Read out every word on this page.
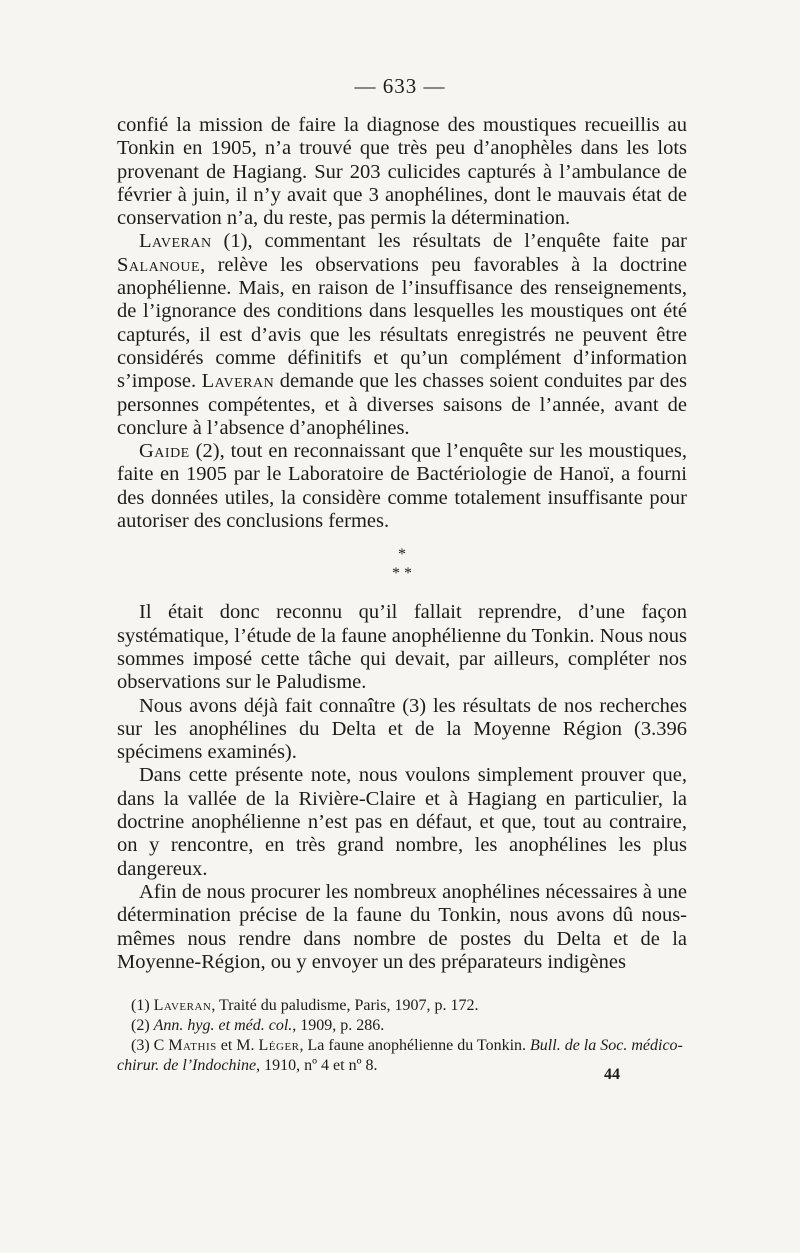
— 633 —

confié la mission de faire la diagnose des moustiques recueillis au Tonkin en 1905, n’a trouvé que très peu d’anophèles dans les lots provenant de Hagiang. Sur 203 culicides capturés à l’ambulance de février à juin, il n’y avait que 3 anophélines, dont le mauvais état de conservation n’a, du reste, pas permis la détermination.

Laveran (1), commentant les résultats de l’enquête faite par Salanoue, relève les observations peu favorables à la doctrine anophélienne. Mais, en raison de l’insuffisance des renseignements, de l’ignorance des conditions dans lesquelles les moustiques ont été capturés, il est d’avis que les résultats enregistrés ne peuvent être considérés comme définitifs et qu’un complément d’information s’impose. Laveran demande que les chasses soient conduites par des personnes compétentes, et à diverses saisons de l’année, avant de conclure à l’absence d’anophélines.

Gaide (2), tout en reconnaissant que l’enquête sur les moustiques, faite en 1905 par le Laboratoire de Bactériologie de Hanoï, a fourni des données utiles, la considère comme totalement insuffisante pour autoriser des conclusions fermes.

*
* *

Il était donc reconnu qu’il fallait reprendre, d’une façon systématique, l’étude de la faune anophélienne du Tonkin. Nous nous sommes imposé cette tâche qui devait, par ailleurs, compléter nos observations sur le Paludisme.

Nous avons déjà fait connaître (3) les résultats de nos recherches sur les anophélines du Delta et de la Moyenne Région (3.396 spécimens examinés).

Dans cette présente note, nous voulons simplement prouver que, dans la vallée de la Rivière-Claire et à Hagiang en particulier, la doctrine anophélienne n’est pas en défaut, et que, tout au contraire, on y rencontre, en très grand nombre, les anophélines les plus dangereux.

Afin de nous procurer les nombreux anophélines nécessaires à une détermination précise de la faune du Tonkin, nous avons dû nous-mêmes nous rendre dans nombre de postes du Delta et de la Moyenne-Région, ou y envoyer un des préparateurs indigènes

(1) Laveran, Traité du paludisme, Paris, 1907, p. 172.

(2) Ann. hyg. et méd. col., 1909, p. 286.

(3) C Mathis et M. Léger, La faune anophélienne du Tonkin. Bull. de la Soc. médico-chirur. de l’Indochine, 1910, nº 4 et nº 8.

44
